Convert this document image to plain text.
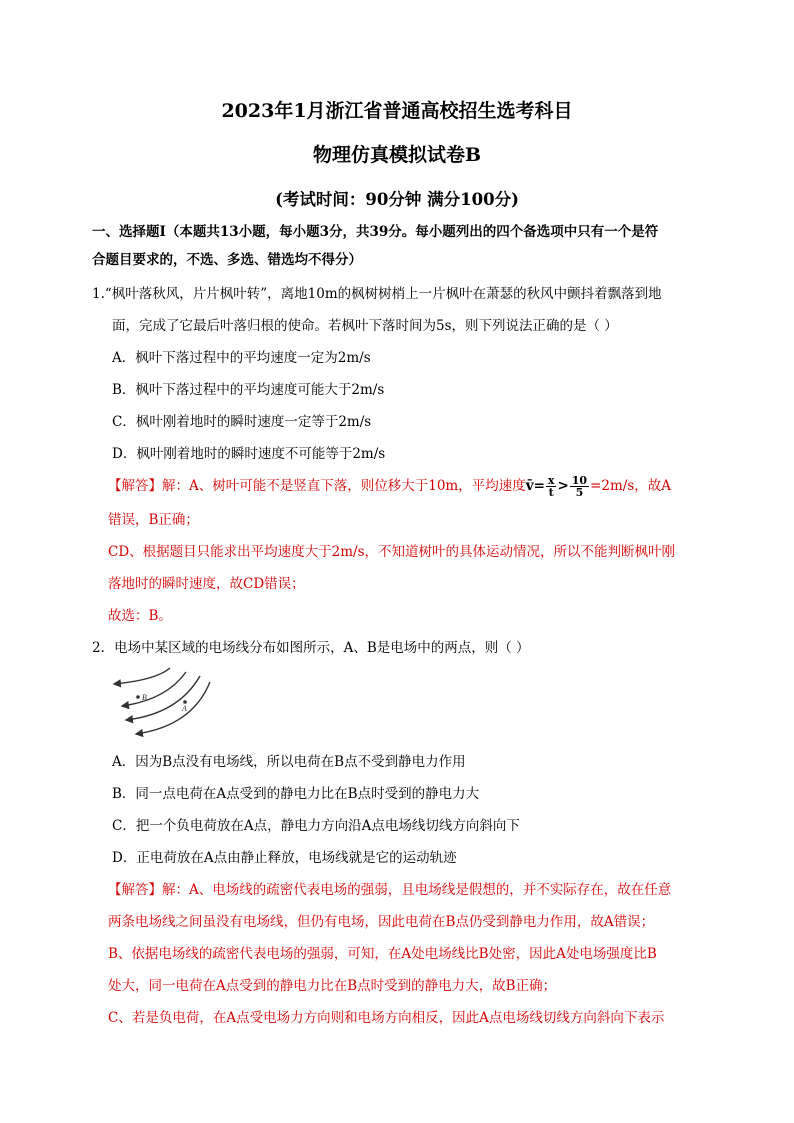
2023年1月浙江省普通高校招生选考科目
物理仿真模拟试卷B
(考试时间：90分钟 满分100分)
一、选择题Ⅰ（本题共13小题，每小题3分，共39分。每小题列出的四个备选项中只有一个是符
合题目要求的，不选、多选、错选均不得分）
1.“枫叶落秋风，片片枫叶转”，离地10m的枫树树梢上一片枫叶在萧瑟的秋风中颤抖着飘落到地
面，完成了它最后叶落归根的使命。若枫叶下落时间为5s，则下列说法正确的是（ ）
A．枫叶下落过程中的平均速度一定为2m/s
B．枫叶下落过程中的平均速度可能大于2m/s
C．枫叶刚着地时的瞬时速度一定等于2m/s
D．枫叶刚着地时的瞬时速度不可能等于2m/s
【解答】解：A、树叶可能不是竖直下落，则位移大于10m，平均速度v̄= $\frac{x}{t} > \frac{10}{5} =2m/s$，故A
错误，B正确；
CD、根据题目只能求出平均速度大于2m/s，不知道树叶的具体运动情况，所以不能判断枫叶刚
落地时的瞬时速度，故CD错误；
故选：B。
2．电场中某区域的电场线分布如图所示，A、B是电场中的两点，则（ ）
B
A
A．因为B点没有电场线，所以电荷在B点不受到静电力作用
B．同一点电荷在A点受到的静电力比在B点时受到的静电力大
C．把一个负电荷放在A点，静电力方向沿A点电场线切线方向斜向下
D．正电荷放在A点由静止释放，电场线就是它的运动轨迹
【解答】解：A、电场线的疏密代表电场的强弱，且电场线是假想的，并不实际存在，故在任意
两条电场线之间虽没有电场线，但仍有电场，因此电荷在B点仍受到静电力作用，故A错误；
B、依据电场线的疏密代表电场的强弱，可知，在A处电场线比B处密，因此A处电场强度比B
处大，同一电荷在A点受到的静电力比在B点时受到的静电力大，故B正确；
C、若是负电荷，在A点受电场力方向则和电场方向相反，因此A点电场线切线方向斜向下表示
